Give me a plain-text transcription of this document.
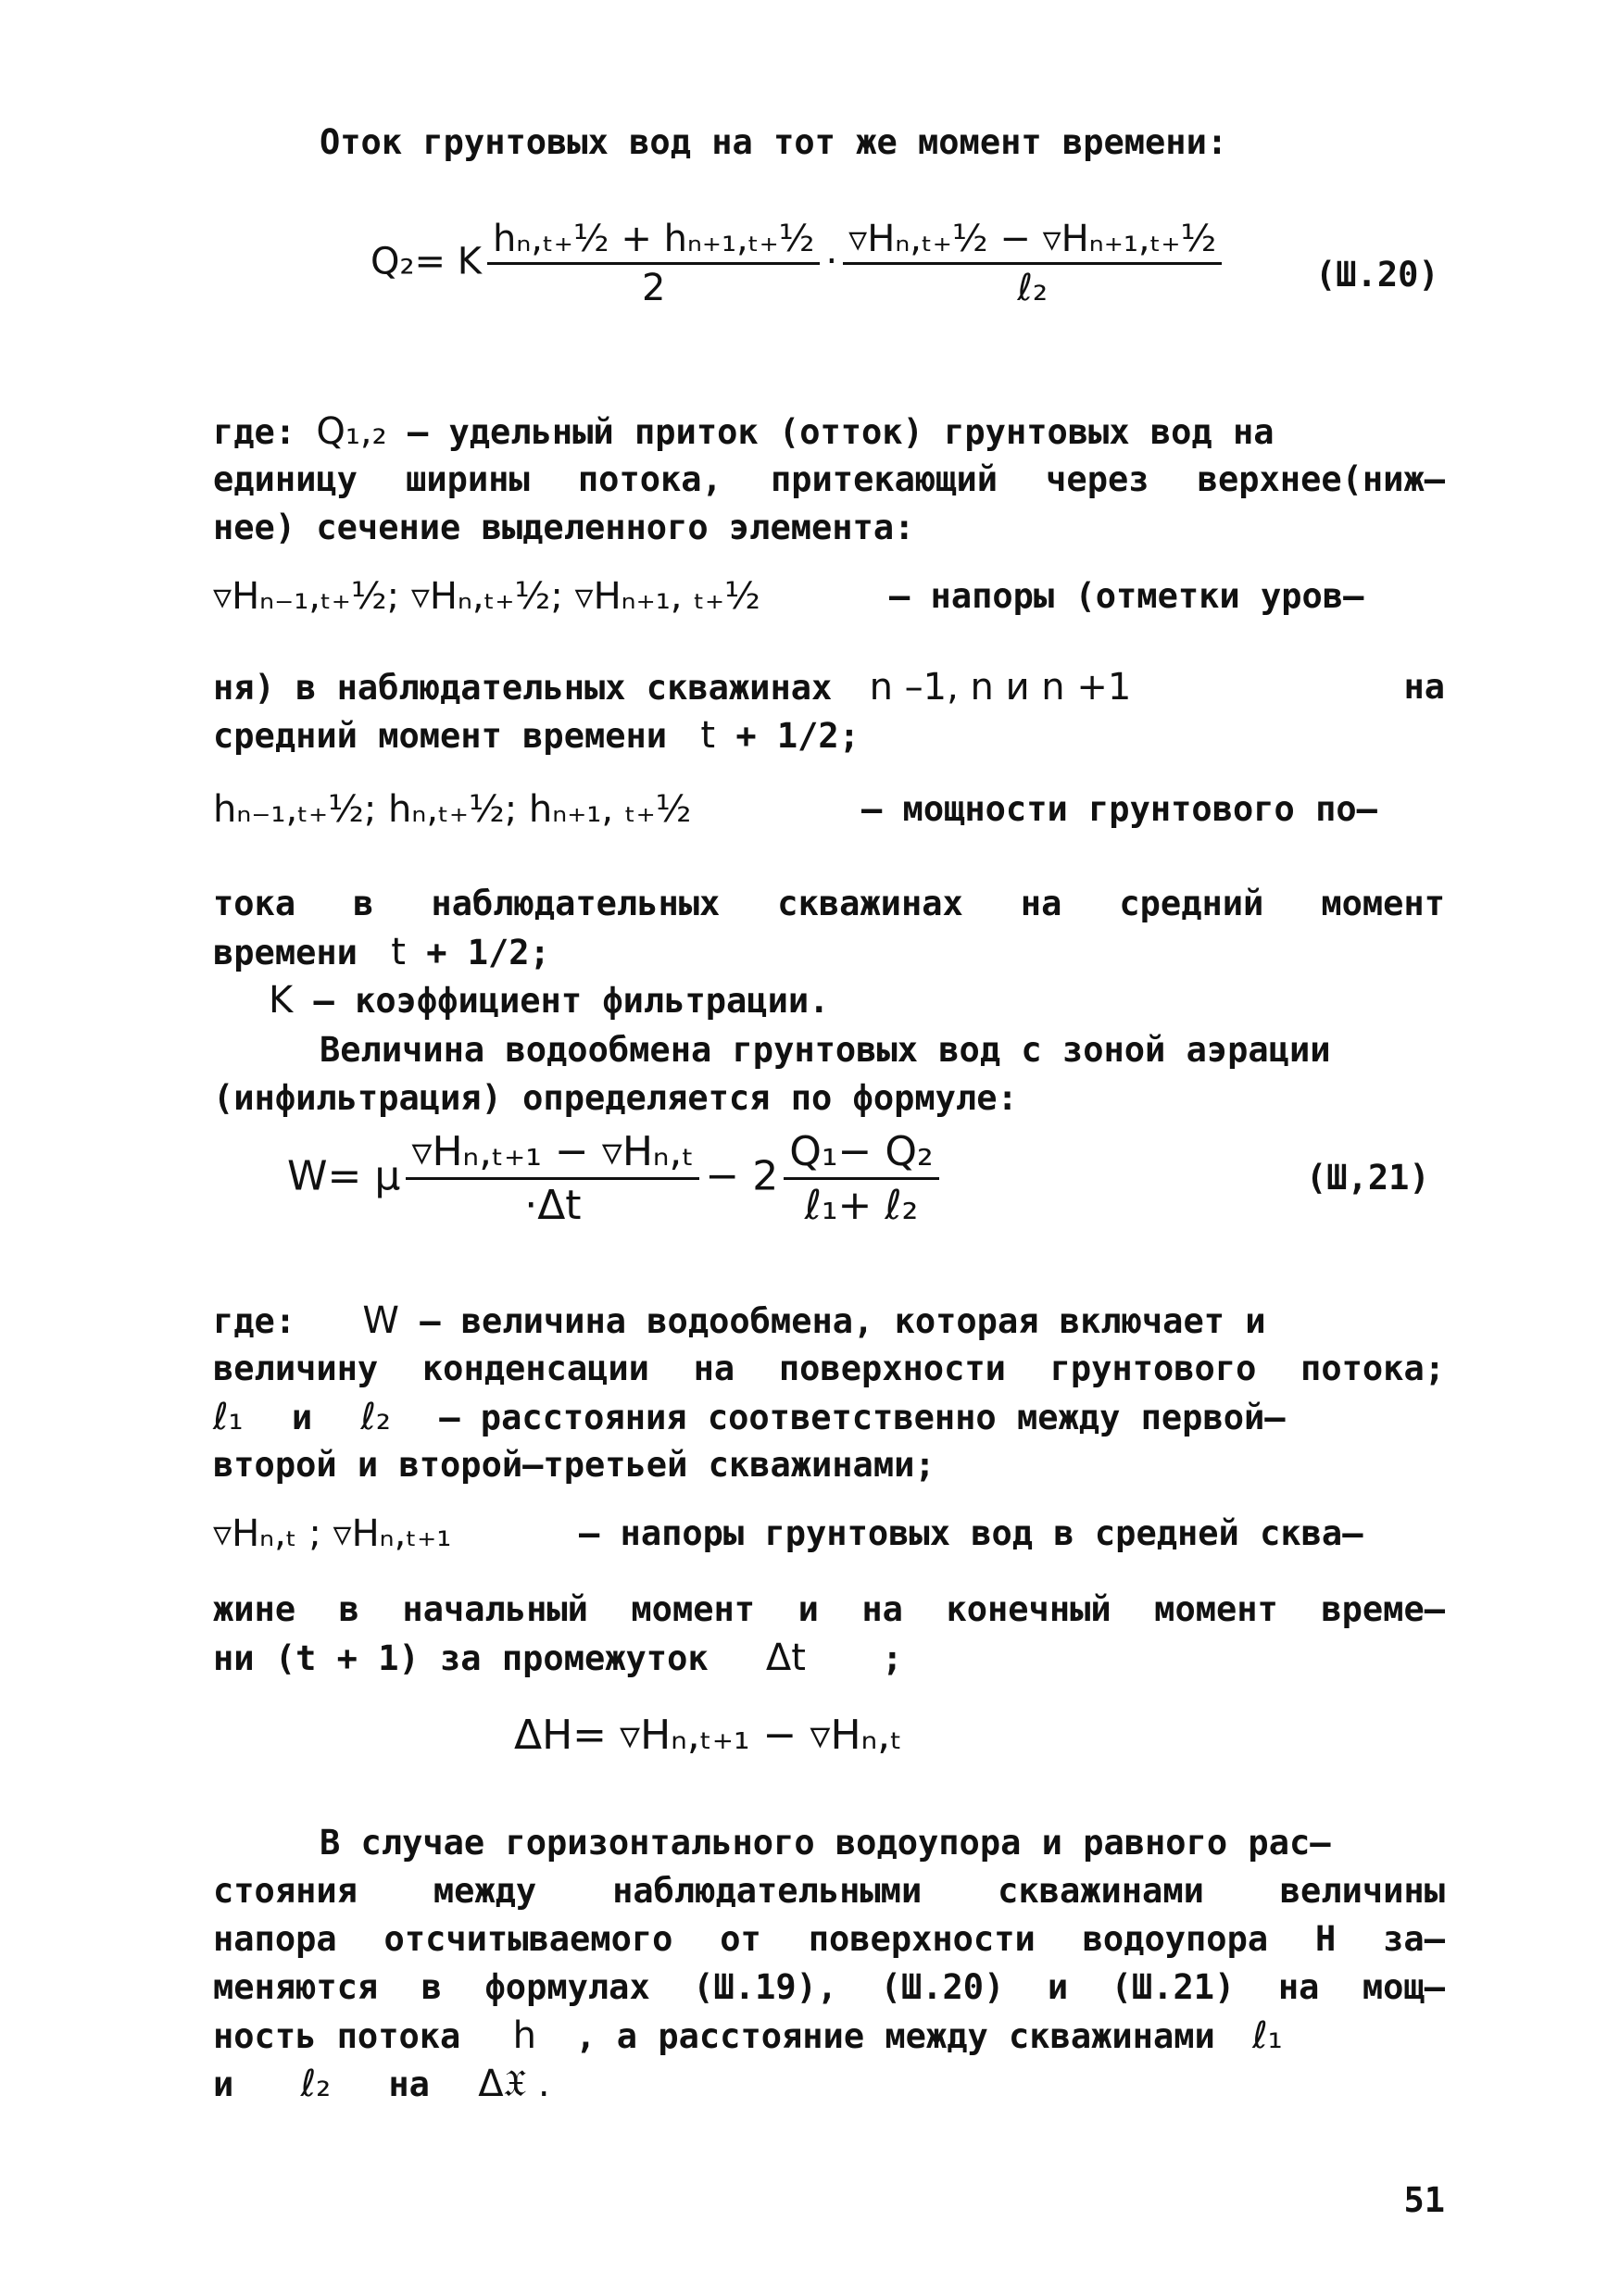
Оток грунтовых вод на тот же момент времени:
Q₂= K $\frac{\text{hₙ,ₜ₊½ + hₙ₊₁,ₜ₊½}}{2} \cdot \frac{\text{▿Hₙ,ₜ₊½ − ▿Hₙ₊₁,ₜ₊½}}{\text{ℓ₂}}$	(Ш.20)
где: Q₁,₂ – удельный приток (отток) грунтовых вод на
единицу ширины потока, притекающий через верхнее(ниж–
нее) сечение выделенного элемента:
▿Hₙ₋₁,ₜ₊½; ▿Hₙ,ₜ₊½; ▿Hₙ₊₁, ₜ₊½	– напоры (отметки уров–
ня) в наблюдательных скважинах n –1, n и n +1	на
средний момент времени t + 1/2;
hₙ₋₁,ₜ₊½; hₙ,ₜ₊½; hₙ₊₁, ₜ₊½	– мощности грунтового по–
тока в наблюдательных скважинах на средний момент
времени t + 1/2;
K – коэффициент фильтрации.
Величина водообмена грунтовых вод с зоной аэрации
(инфильтрация) определяется по формуле:
W= μ $\frac{\text{▿Hₙ,ₜ₊₁ − ▿Hₙ,ₜ}}{\cdot\Delta t} - 2 \frac{\text{Q₁− Q₂}}{\text{ℓ₁+ ℓ₂}}$	(Ш,21)
где: W – величина водообмена, которая включает и
величину конденсации на поверхности грунтового потока;
ℓ₁ и ℓ₂ – расстояния соответственно между первой–
второй и второй–третьей скважинами;
▿Hₙ,ₜ ; ▿Hₙ,ₜ₊₁	– напоры грунтовых вод в средней сква–
жине в начальный момент и на конечный момент време–
ни (t + 1) за промежуток Δt ;
ΔH= ▿Hₙ,ₜ₊₁ − ▿Hₙ,ₜ
В случае горизонтального водоупора и равного рас–
стояния между наблюдательными скважинами величины
напора отсчитываемого от поверхности водоупора H за–
меняются в формулах (Ш.19), (Ш.20) и (Ш.21) на мощ–
ность потока h , а расстояние между скважинами ℓ₁
и ℓ₂ на Δ𝔛 .
51
